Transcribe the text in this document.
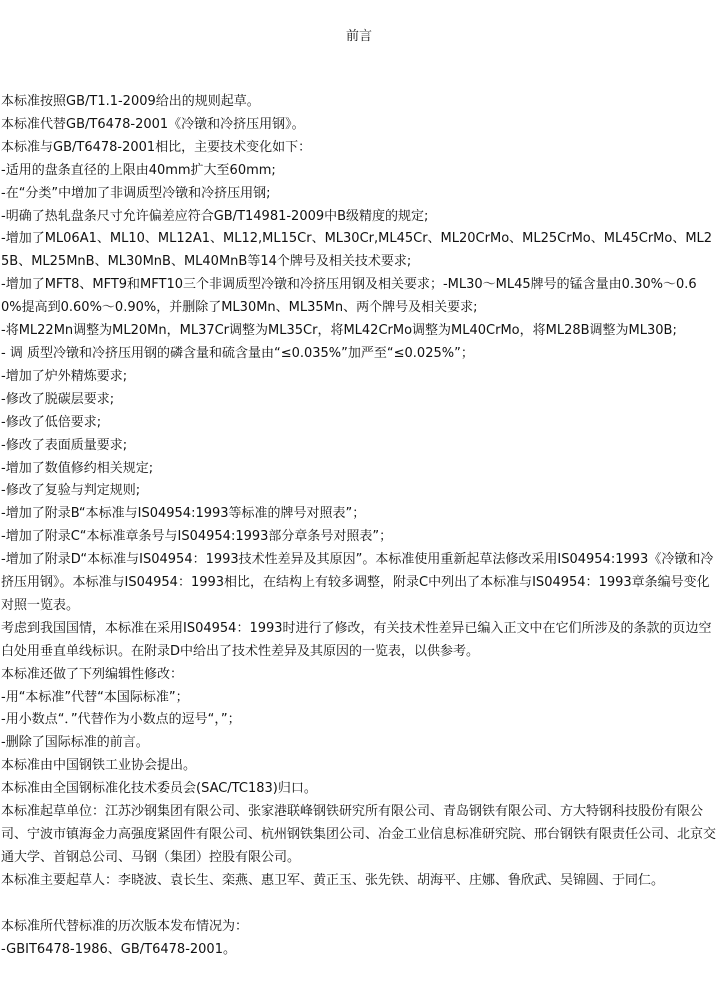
前言

本标准按照GB/T1.1-2009给出的规则起草。

本标准代替GB/T6478-2001《冷镦和冷挤压用钢》。

本标准与GB/T6478-2001相比，主要技术变化如下：

-适用的盘条直径的上限由40mm扩大至60mm;

-在“分类”中增加了非调质型冷镦和冷挤压用钢;

-明确了热轧盘条尺寸允许偏差应符合GB/T14981-2009中B级精度的规定;

-增加了ML06A1、ML10、ML12A1、ML12,ML15Cr、ML30Cr,ML45Cr、ML20CrMo、ML25CrMo、ML45CrMo、ML25B、ML25MnB、ML30MnB、ML40MnB等14个牌号及相关技术要求;

-增加了MFT8、MFT9和MFT10三个非调质型冷镦和冷挤压用钢及相关要求；-ML30～ML45牌号的锰含量由0.30%～0.60%提高到0.60%～0.90%，并删除了ML30Mn、ML35Mn、两个牌号及相关要求;

-将ML22Mn调整为ML20Mn，ML37Cr调整为ML35Cr，将ML42CrMo调整为ML40CrMo，将ML28B调整为ML30B;

- 调 质型冷镦和冷挤压用钢的磷含量和硫含量由“≤0.035%”加严至“≤0.025%”；

-增加了炉外精炼要求;

-修改了脱碳层要求;

-修改了低倍要求;

-修改了表面质量要求;

-增加了数值修约相关规定;

-修改了复验与判定规则;

-增加了附录B“本标准与IS04954:1993等标准的牌号对照表”；

-增加了附录C“本标准章条号与IS04954:1993部分章条号对照表”；

-增加了附录D“本标准与IS04954：1993技术性差异及其原因”。本标准使用重新起草法修改采用IS04954:1993《冷镦和冷挤压用钢》。本标准与IS04954：1993相比，在结构上有较多调整，附录C中列出了本标准与IS04954：1993章条编号变化对照一览表。

考虑到我国国情，本标准在采用IS04954：1993时进行了修改，有关技术性差异已编入正文中在它们所涉及的条款的页边空白处用垂直单线标识。在附录D中给出了技术性差异及其原因的一览表，以供参考。

本标准还做了下列编辑性修改：

-用“本标准”代替“本国际标准”；

-用小数点“．”代替作为小数点的逗号“，”；

-删除了国际标准的前言。

本标准由中国钢铁工业协会提出。

本标准由全国钢标准化技术委员会(SAC/TC183)归口。

本标准起草单位：江苏沙钢集团有限公司、张家港联峰钢铁研究所有限公司、青岛钢铁有限公司、方大特钢科技股份有限公司、宁波市镇海金力高强度紧固件有限公司、杭州钢铁集团公司、冶金工业信息标准研究院、邢台钢铁有限责任公司、北京交通大学、首钢总公司、马钢（集团）控股有限公司。

本标准主要起草人：李晓波、袁长生、栾燕、惠卫军、黄正玉、张先铁、胡海平、庄娜、鲁欣武、吴锦圆、于同仁。

本标准所代替标准的历次版本发布情况为：

-GBIT6478-1986、GB/T6478-2001。
